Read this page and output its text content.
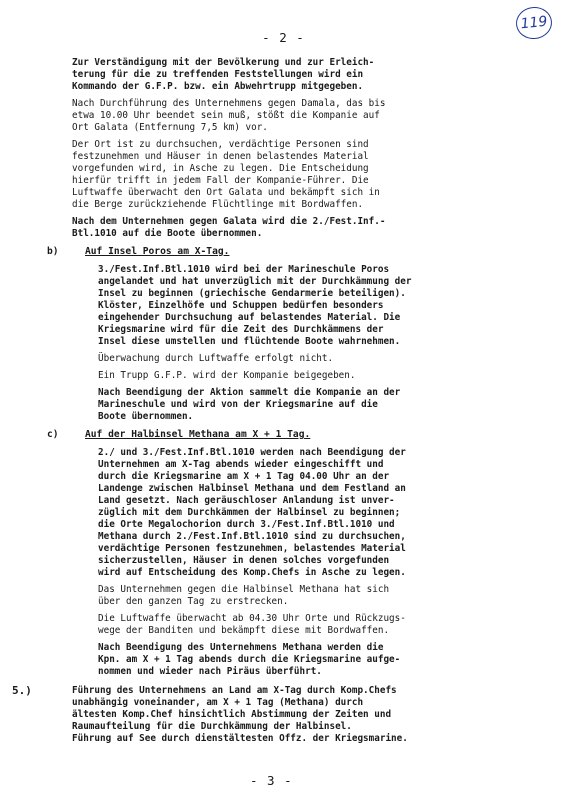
- 2 -
119

Zur Verständigung mit der Bevölkerung und zur Erleich-
terung für die zu treffenden Feststellungen wird ein
Kommando der G.F.P. bzw. ein Abwehrtrupp mitgegeben.

Nach Durchführung des Unternehmens gegen Damala, das bis
etwa 10.00 Uhr beendet sein muß, stößt die Kompanie auf
Ort Galata (Entfernung 7,5 km) vor.

Der Ort ist zu durchsuchen, verdächtige Personen sind
festzunehmen und Häuser in denen belastendes Material
vorgefunden wird, in Asche zu legen. Die Entscheidung
hierfür trifft in jedem Fall der Kompanie-Führer. Die
Luftwaffe überwacht den Ort Galata und bekämpft sich in
die Berge zurückziehende Flüchtlinge mit Bordwaffen.

Nach dem Unternehmen gegen Galata wird die 2./Fest.Inf.-
Btl.1010 auf die Boote übernommen.

b)	Auf Insel Poros am X-Tag.

3./Fest.Inf.Btl.1010 wird bei der Marineschule Poros
angelandet und hat unverzüglich mit der Durchkämmung der
Insel zu beginnen (griechische Gendarmerie beteiligen).
Klöster, Einzelhöfe und Schuppen bedürfen besonders
eingehender Durchsuchung auf belastendes Material. Die
Kriegsmarine wird für die Zeit des Durchkämmens der
Insel diese umstellen und flüchtende Boote wahrnehmen.

Überwachung durch Luftwaffe erfolgt nicht.

Ein Trupp G.F.P. wird der Kompanie beigegeben.

Nach Beendigung der Aktion sammelt die Kompanie an der
Marineschule und wird von der Kriegsmarine auf die
Boote übernommen.

c)	Auf der Halbinsel Methana am X + 1 Tag.

2./ und 3./Fest.Inf.Btl.1010 werden nach Beendigung der
Unternehmen am X-Tag abends wieder eingeschifft und
durch die Kriegsmarine am X + 1 Tag 04.00 Uhr an der
Landenge zwischen Halbinsel Methana und dem Festland an
Land gesetzt. Nach geräuschloser Anlandung ist unver-
züglich mit dem Durchkämmen der Halbinsel zu beginnen;
die Orte Megalochorion durch 3./Fest.Inf.Btl.1010 und
Methana durch 2./Fest.Inf.Btl.1010 sind zu durchsuchen,
verdächtige Personen festzunehmen, belastendes Material
sicherzustellen, Häuser in denen solches vorgefunden
wird auf Entscheidung des Komp.Chefs in Asche zu legen.

Das Unternehmen gegen die Halbinsel Methana hat sich
über den ganzen Tag zu erstrecken.

Die Luftwaffe überwacht ab 04.30 Uhr Orte und Rückzugs-
wege der Banditen und bekämpft diese mit Bordwaffen.

Nach Beendigung des Unternehmens Methana werden die
Kpn. am X + 1 Tag abends durch die Kriegsmarine aufge-
nommen und wieder nach Piräus überführt.

5.)	Führung des Unternehmens an Land am X-Tag durch Komp.Chefs
unabhängig voneinander, am X + 1 Tag (Methana) durch
ältesten Komp.Chef hinsichtlich Abstimmung der Zeiten und
Raumaufteilung für die Durchkämmung der Halbinsel.
Führung auf See durch dienstältesten Offz. der Kriegsmarine.

- 3 -
